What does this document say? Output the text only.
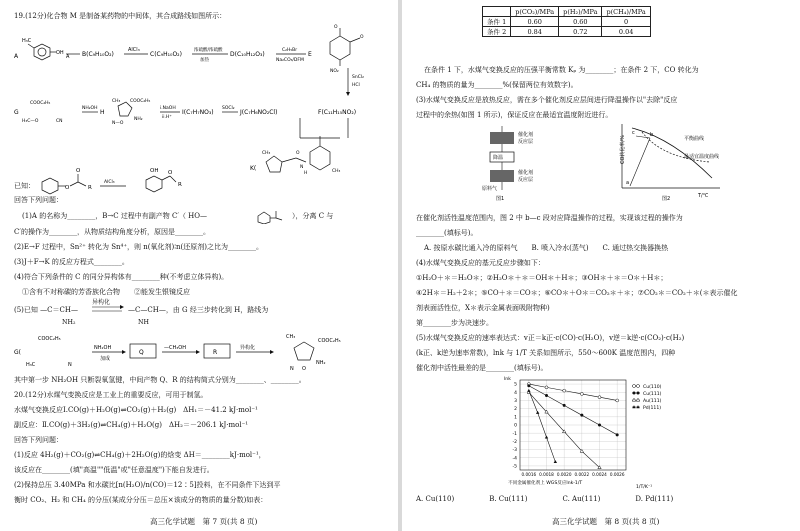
19.(12分)化合物 M 是制备某药物的中间体，其合成路线如图所示：
A
H₃C
OH
A B(C₉H₁₀O₂)
AlCl₃
C(C₉H₁₀O₂)
浓硫酸/浓硫酸
加热
D(C₁₀H₁₂O₃)
C₂H₅Br
Na₂CO₃/DFM
E
O
O
NO₂
SnCl₂
HCl
G
COOC₂H₅
H₃C—O	CN
NH₂OH
H
COOC₂H₅
CH₃
N—O
NH₂
i.NaOH
ii.H⁺
I(C₇H₇NO₃)
SOCl₂
J(C₇H₆NO₂Cl)	F(C₁₁H₁₅NO₂)
K(
O
N
CH₃
CH₃
H
已知：	O
O
R
AlCl₃
OH O
R
回答下列问题：
(1)A 的名称为________，B→C 过程中有副产物 C′（ HO—	），分离 C 与
C′的操作为________，从物质结构角度分析，原因是________。
(2)E→F 过程中，Sn²⁺ 转化为 Sn⁴⁺，则 n(氧化剂)∶n(还原剂)之比为________。
(3)J＋F→K 的反应方程式________。
(4)符合下列条件的 C 的同分异构体有________种(不考虑立体异构)。
①含有不对称碳的芳香族化合物　　②能发生银镜反应
(5)已知 —C＝CH—
异构化
—C—CH—，由 G 经三步转化到 H，路线为
NH₂	NH
G(
COOC₂H₅
H₃C	N
NH₂OH
加成
Q
—CH₃OH
R
异构化
COOC₂H₅
CH₃
NH₂
O
N
其中第一步 NH₂OH 只断裂氧氢键，中间产物 Q、R 的结构简式分别为________、________。
20.(12分)水煤气变换反应是工业上的重要反应，可用于制氢。
水煤气变换反应Ⅰ.CO(g)＋H₂O(g)⇌CO₂(g)＋H₂(g)　ΔH₁＝－41.2 kJ·mol⁻¹
副反应：Ⅱ.CO(g)＋3H₂(g)⇌CH₄(g)＋H₂O(g)　ΔH₂＝－206.1 kJ·mol⁻¹
回答下列问题：
(1)反应 4H₂(g)＋CO₂(g)⇌CH₄(g)＋2H₂O(g)的焓变 ΔH＝________kJ·mol⁻¹，
该反应在________(填"高温""低温"或"任意温度")下能自发进行。
(2)保持总压 3.40MPa 和水碳比[n(H₂O)/n(CO)＝12∶5]投料，在不同条件下达到平
衡时 CO₂、H₂ 和 CH₄ 的分压(某成分分压＝总压×该成分的物质的量分数)如表：
高三化学试题　第 7 页(共 8 页)
	p(CO₂)/MPa	p(H₂)/MPa	p(CH₄)/MPa
条件 1	0.60	0.60	0
条件 2	0.84	0.72	0.04
在条件 1 下，水煤气变换反应的压强平衡常数 Kₚ 为________；在条件 2 下，CO 转化为
CH₄ 的物质的量为________%(保留两位有效数字)。
(3)水煤气变换反应是放热反应，需在多个催化剂反应层间进行降温操作以"去除"反应
过程中的余热(如图 1 所示)，保证反应在最适宜温度附近进行。
催化剂
反应层
降温
催化剂
反应层
原料气
图1
CO转化率/%
T/℃
平衡曲线
最适宜温度曲线
a
b
c
图2
在催化剂活性温度范围内，图 2 中 b—c 段对应降温操作的过程，实现该过程的操作为
________(填标号)。
A. 按原水碳比通入冷的原料气　　B. 喷入冷水(蒸气)　　C. 通过热交换器换热
(4)水煤气变换反应的基元反应步骤如下：
①H₂O＋＊＝H₂O＊；②H₂O＊＋＊＝OH＊＋H＊；③OH＊＋＊＝O＊＋H＊；
④2H＊＝H₂＋2＊；⑤CO＋＊＝CO＊；⑥CO＊＋O＊＝CO₂＊＋＊；⑦CO₂＊＝CO₂＋＊(＊表示催化
剂表面活性位，X＊表示金属表面吸附物种)
第________步为决速步。
(5)水煤气变换反应的速率表达式：v正＝k正·c(CO)·c(H₂O)，v逆＝k逆·c(CO₂)·c(H₂)
(k正、k逆为速率常数)，lnk 与 1/T 关系如图所示，550～600K 温度范围内，四种
催化剂中活性最差的是________(填标号)。
5
4
3
2
1
0
-1
-2
-3
-4
-5
0.0016 0.0018 0.0020 0.0022 0.0024 0.0026
Cu(110)
Cu(111)
Au(111)
Pd(111)
不同金属催化剂上 WGS反应lnk-1/T
1/T/K⁻¹
lnk
A. Cu(110)　　　　　B. Cu(111)　　　　　C. Au(111)　　　　　D. Pd(111)
高三化学试题　第 8 页(共 8 页)
